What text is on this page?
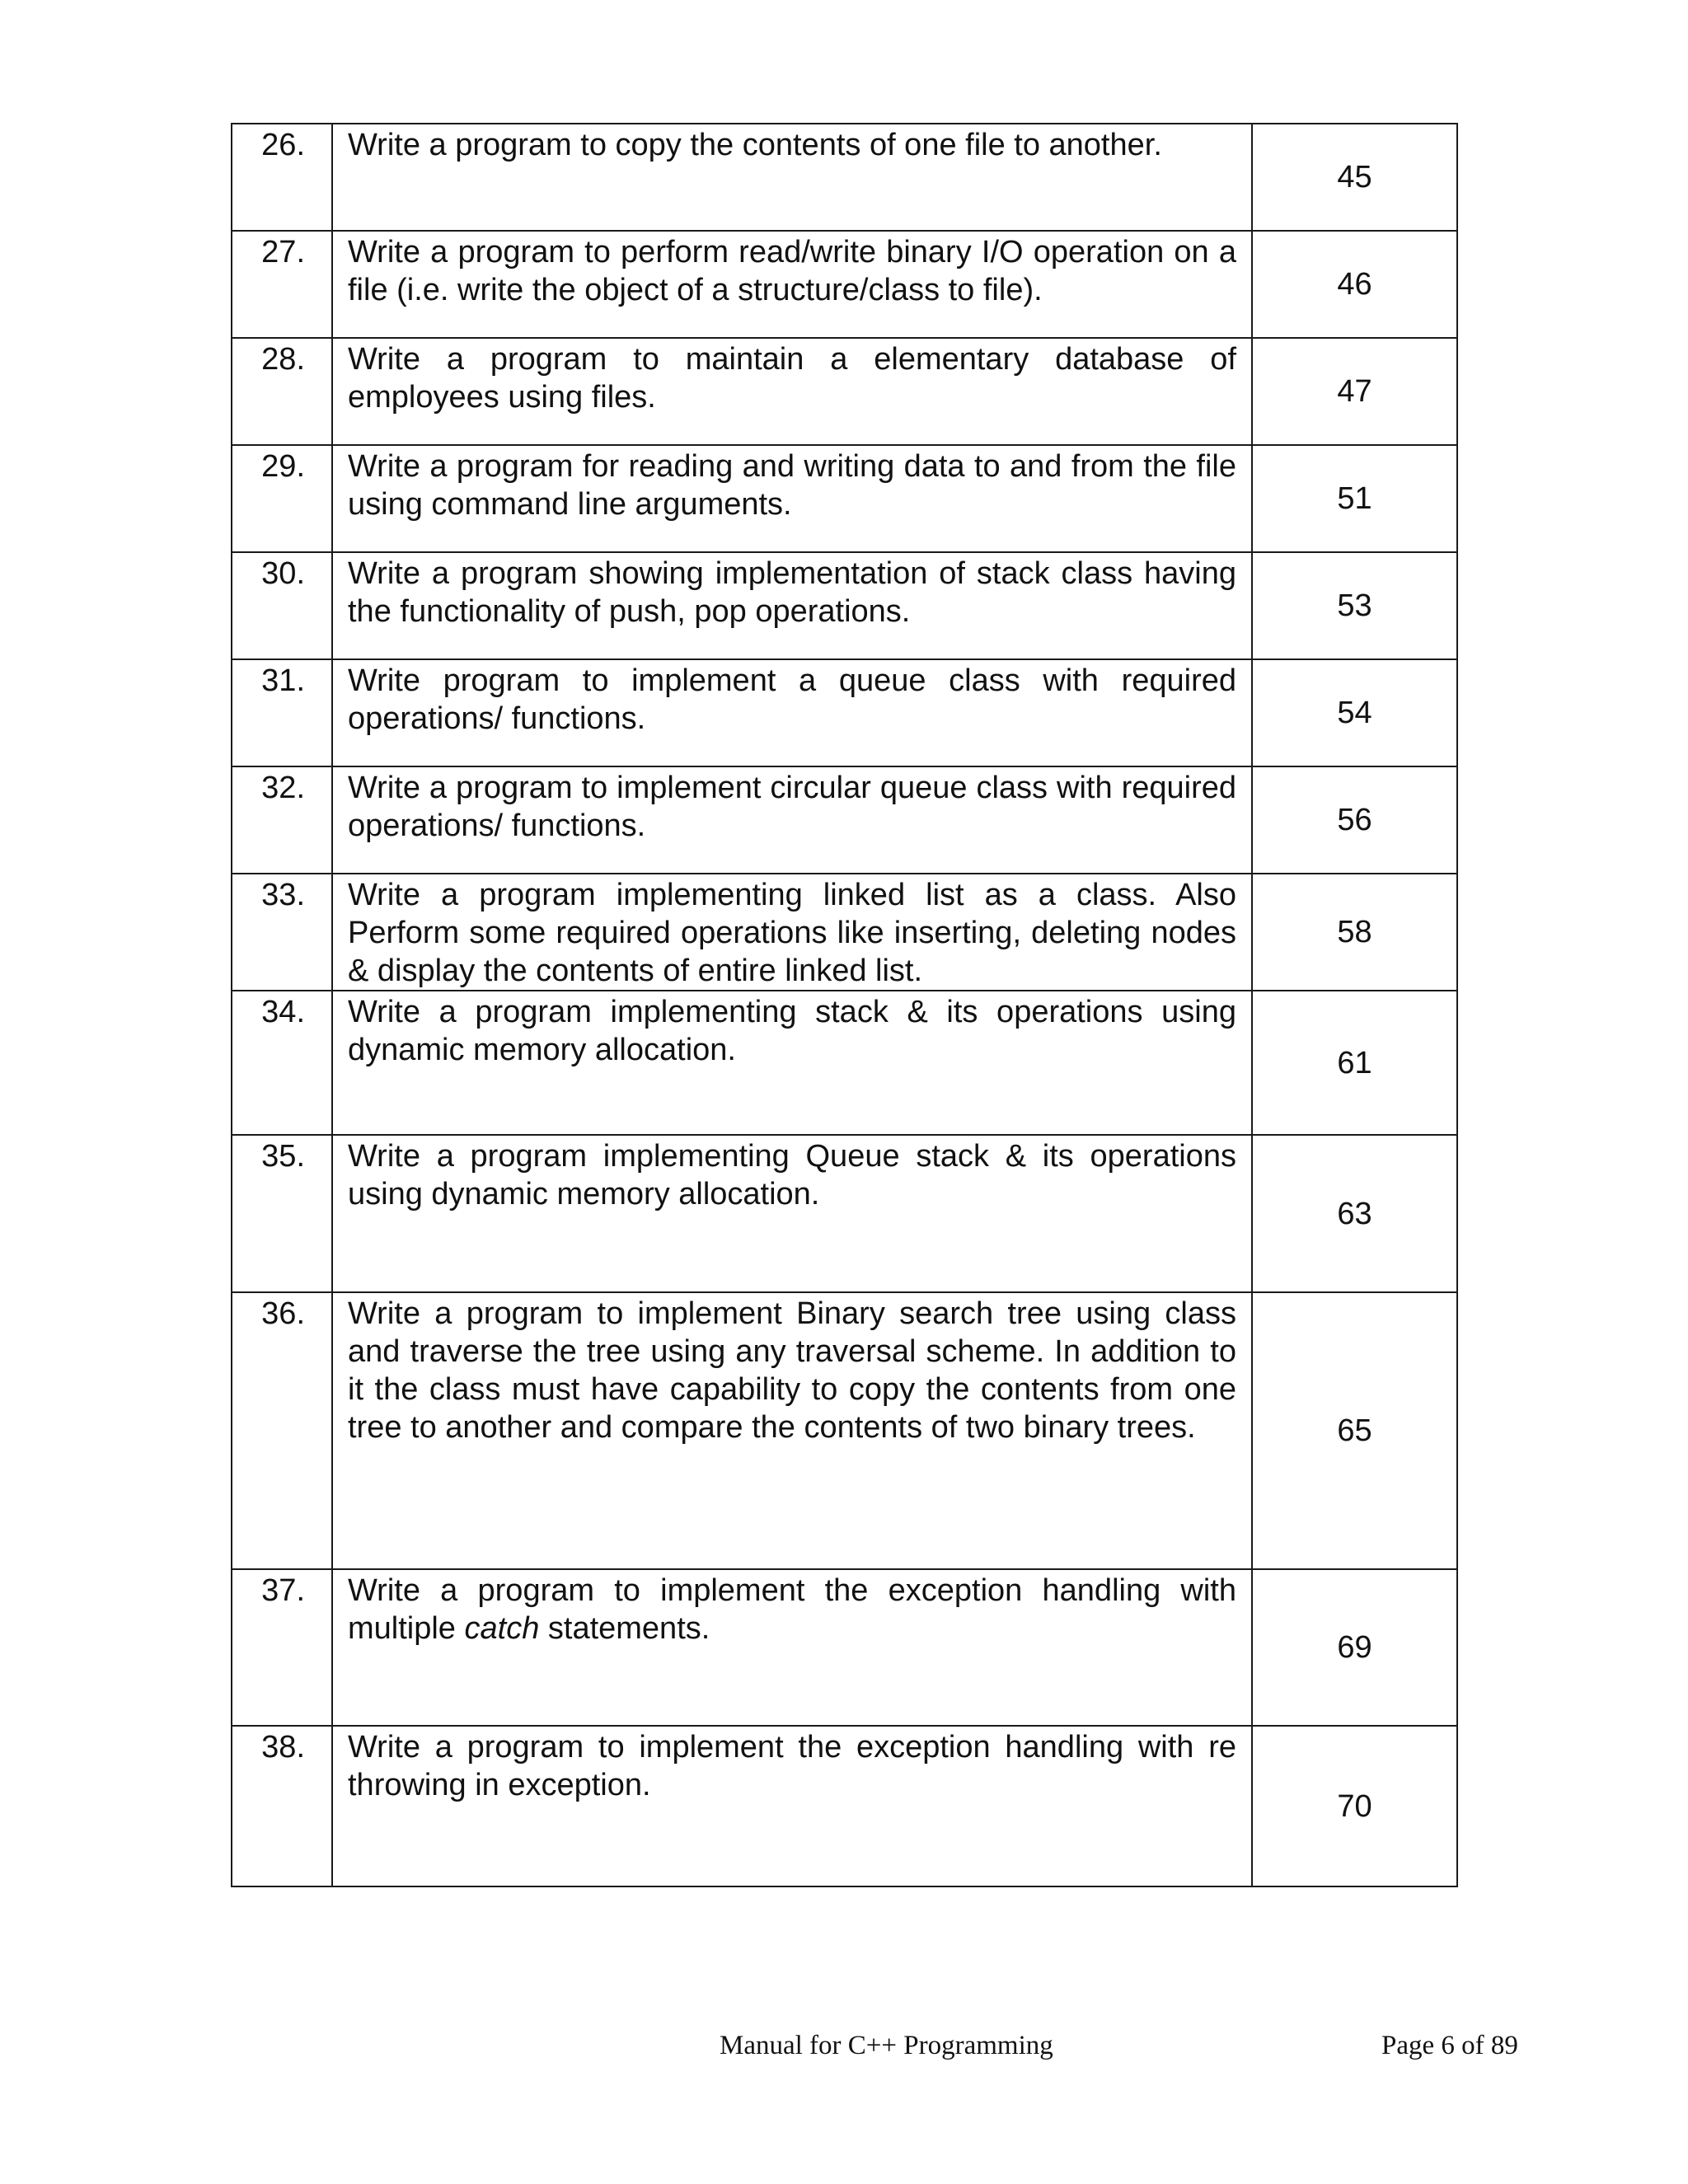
26.	Write a program to copy the contents of one file to another.	45
27.	Write a program to perform read/write binary I/O operation on a file (i.e. write the object of a structure/class to file).	46
28.	Write a program to maintain a elementary database of employees using files.	47
29.	Write a program for reading and writing data to and from the file using command line arguments.	51
30.	Write a program showing implementation of stack class having the functionality of push, pop operations.	53
31.	Write program to implement a queue class with required operations/ functions.	54
32.	Write a program to implement circular queue class with required operations/ functions.	56
33.	Write a program implementing linked list as a class. Also Perform some required operations like inserting, deleting nodes & display the contents of entire linked list.	58
34.	Write a program implementing stack & its operations using dynamic memory allocation.	61
35.	Write a program implementing Queue stack & its operations using dynamic memory allocation.	63
36.	Write a program to implement Binary search tree using class and traverse the tree using any traversal scheme. In addition to it the class must have capability to copy the contents from one tree to another and compare the contents of two binary trees.	65
37.	Write a program to implement the exception handling with multiple catch statements.	69
38.	Write a program to implement the exception handling with re throwing in exception.	70
Manual for C++ Programming	Page 6 of 89
